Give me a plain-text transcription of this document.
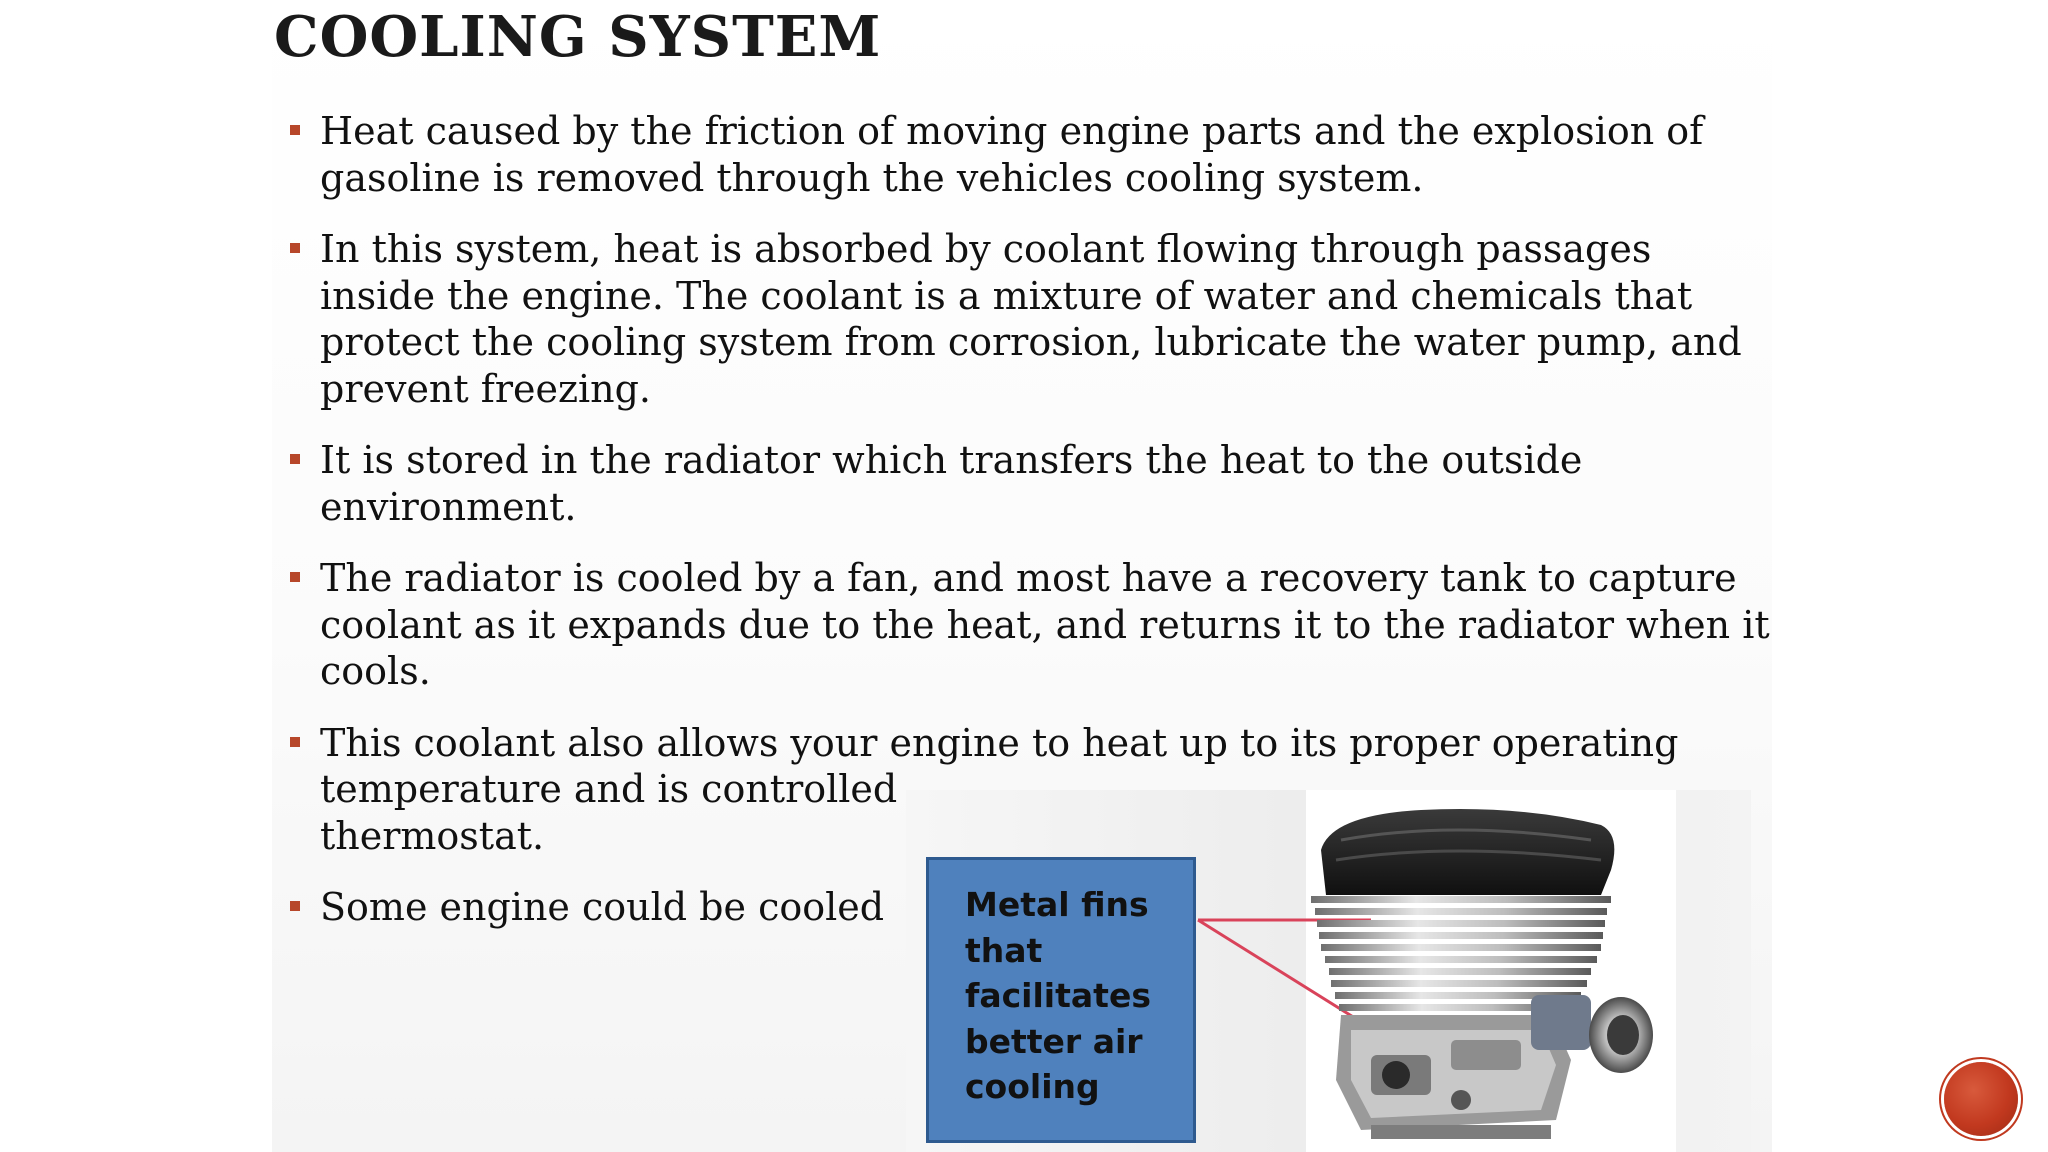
COOLING SYSTEM
Heat caused by the friction of moving engine parts and the explosion of gasoline is removed through the vehicles cooling system.
In this system, heat is absorbed by coolant flowing through passages inside the engine. The coolant is a mixture of water and chemicals that protect the cooling system from corrosion, lubricate the water pump, and prevent freezing.
It is stored in the radiator which transfers the heat to the outside environment.
The radiator is cooled by a fan, and most have a recovery tank to capture coolant as it expands due to the heat, and returns it to the radiator when it cools.
This coolant also allows your engine to heat up to its proper operating temperature and is controlled
thermostat.
Some engine could be cooled	Metal fins
that
facilitates
better air
cooling
